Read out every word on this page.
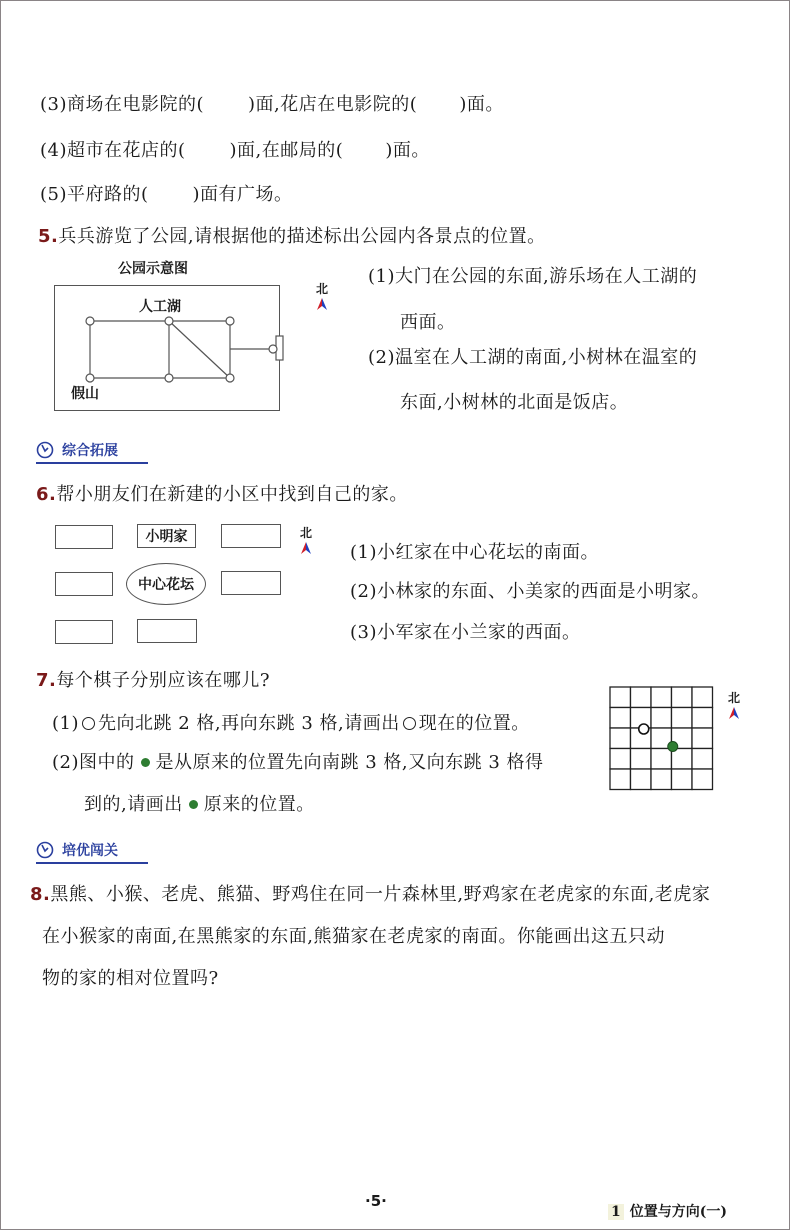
(3)商场在电影院的( )面,花店在电影院的( )面。
(4)超市在花店的( )面,在邮局的( )面。
(5)平府路的( )面有广场。
5.兵兵游览了公园,请根据他的描述标出公园内各景点的位置。
公园示意图
人工湖
假山
北
(1)大门在公园的东面,游乐场在人工湖的
西面。
(2)温室在人工湖的南面,小树林在温室的
东面,小树林的北面是饭店。
综合拓展
6.帮小朋友们在新建的小区中找到自己的家。
小明家
中心花坛
北
(1)小红家在中心花坛的南面。
(2)小林家的东面、小美家的西面是小明家。
(3)小军家在小兰家的西面。
7.每个棋子分别应该在哪儿?
(1) 先向北跳 2 格,再向东跳 3 格,请画出 现在的位置。
(2)图中的 是从原来的位置先向南跳 3 格,又向东跳 3 格得
到的,请画出 原来的位置。
北
培优闯关
8.黑熊、小猴、老虎、熊猫、野鸡住在同一片森林里,野鸡家在老虎家的东面,老虎家
在小猴家的南面,在黑熊家的东面,熊猫家在老虎家的南面。你能画出这五只动
物的家的相对位置吗?
·5·
1 位置与方向(一)
